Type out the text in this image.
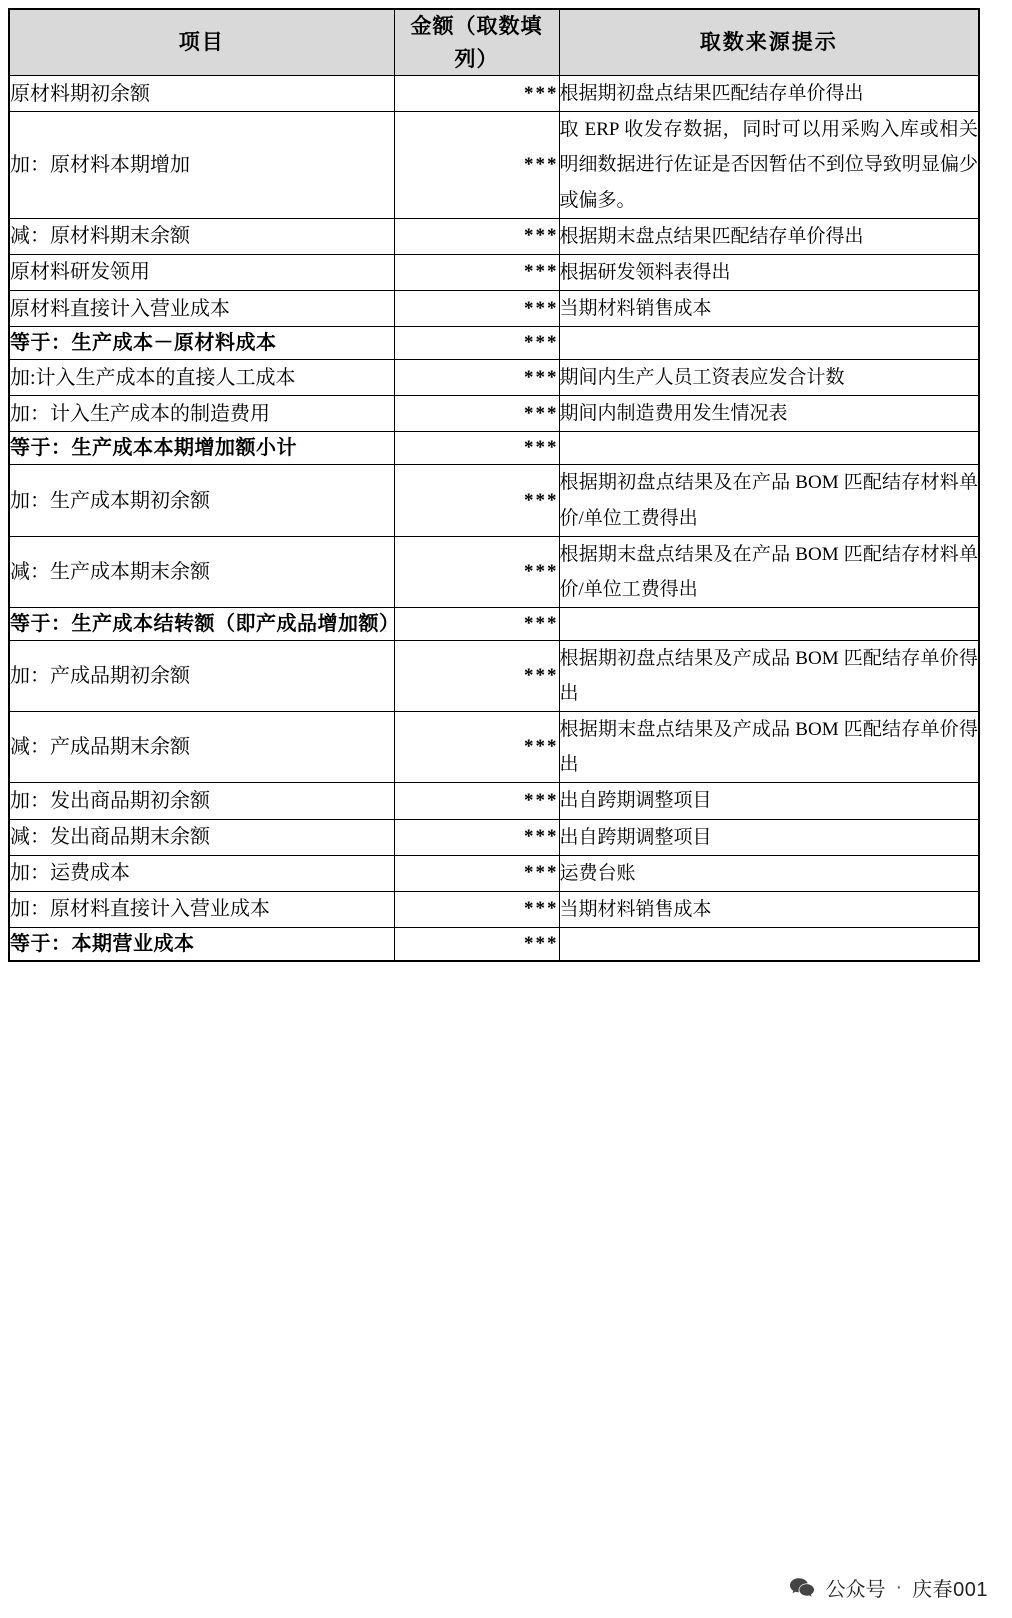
项目	金额（取数填列）	取数来源提示
原材料期初余额	***	根据期初盘点结果匹配结存单价得出
加：原材料本期增加	***	取 ERP 收发存数据，同时可以用采购入库或相关明细数据进行佐证是否因暂估不到位导致明显偏少或偏多。
减：原材料期末余额	***	根据期末盘点结果匹配结存单价得出
原材料研发领用	***	根据研发领料表得出
原材料直接计入营业成本	***	当期材料销售成本
等于：生产成本－原材料成本	***	
加:计入生产成本的直接人工成本	***	期间内生产人员工资表应发合计数
加：计入生产成本的制造费用	***	期间内制造费用发生情况表
等于：生产成本本期增加额小计	***	
加：生产成本期初余额	***	根据期初盘点结果及在产品 BOM 匹配结存材料单价/单位工费得出
减：生产成本期末余额	***	根据期末盘点结果及在产品 BOM 匹配结存材料单价/单位工费得出
等于：生产成本结转额（即产成品增加额）	***	
加：产成品期初余额	***	根据期初盘点结果及产成品 BOM 匹配结存单价得出
减：产成品期末余额	***	根据期末盘点结果及产成品 BOM 匹配结存单价得出
加：发出商品期初余额	***	出自跨期调整项目
减：发出商品期末余额	***	出自跨期调整项目
加：运费成本	***	运费台账
加：原材料直接计入营业成本	***	当期材料销售成本
等于：本期营业成本	***	
公众号 · 庆春001
